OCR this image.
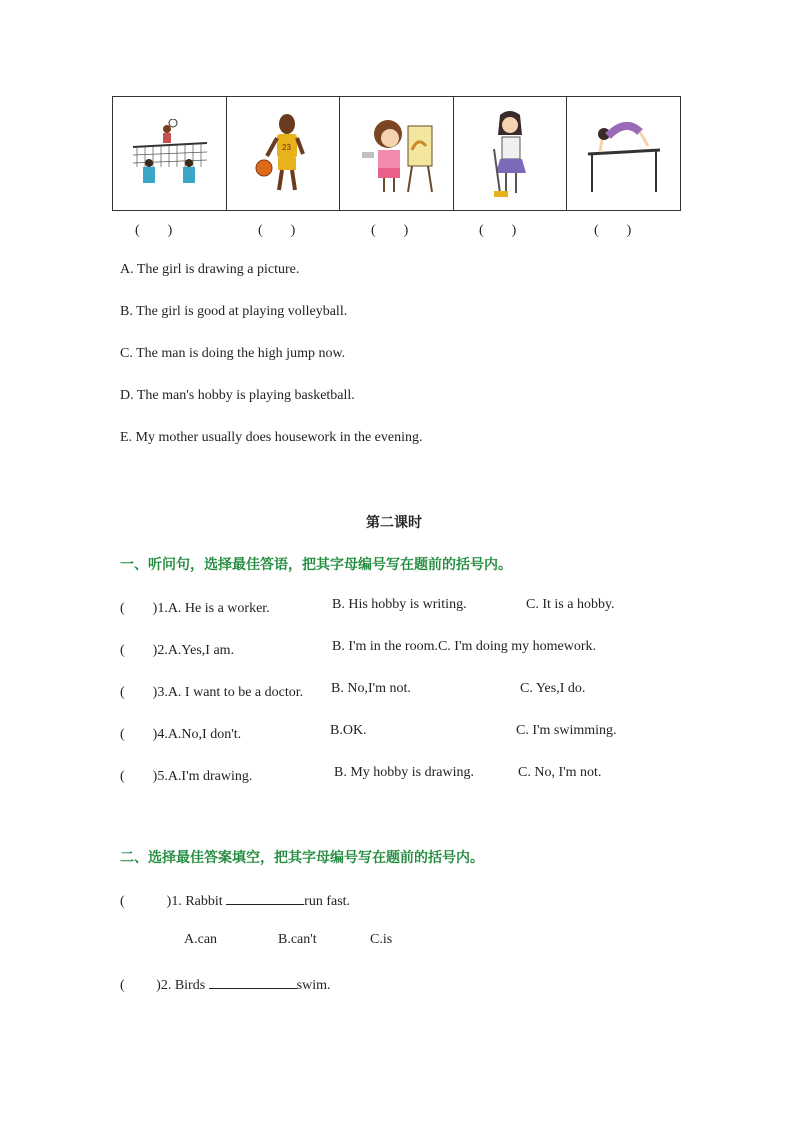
23

(　　)	(　　)	(　　)	(　　)	(　　)
A. The girl is drawing a picture.
B. The girl is good at playing volleyball.
C. The man is doing the high jump now.
D. The man's hobby is playing basketball.
E. My mother usually does housework in the evening.
第二课时
一、听问句，选择最佳答语，把其字母编号写在题前的括号内。
(　　)1.A. He is a worker.	B. His hobby is writing.	C. It is a hobby.
(　　)2.A.Yes,I am.	B. I'm in the room.C. I'm doing my homework.
(　　)3.A. I want to be a doctor. B. No,I'm not.	C. Yes,I do.
(　　)4.A.No,I don't.	B.OK.	C. I'm swimming.
(　　)5.A.I'm drawing.	B. My hobby is drawing.	C. No, I'm not.
二、选择最佳答案填空，把其字母编号写在题前的括号内。
(　　　)1. Rabbit	run fast.
A.can	B.can't	C.is
(　　 )2. Birds	swim.
